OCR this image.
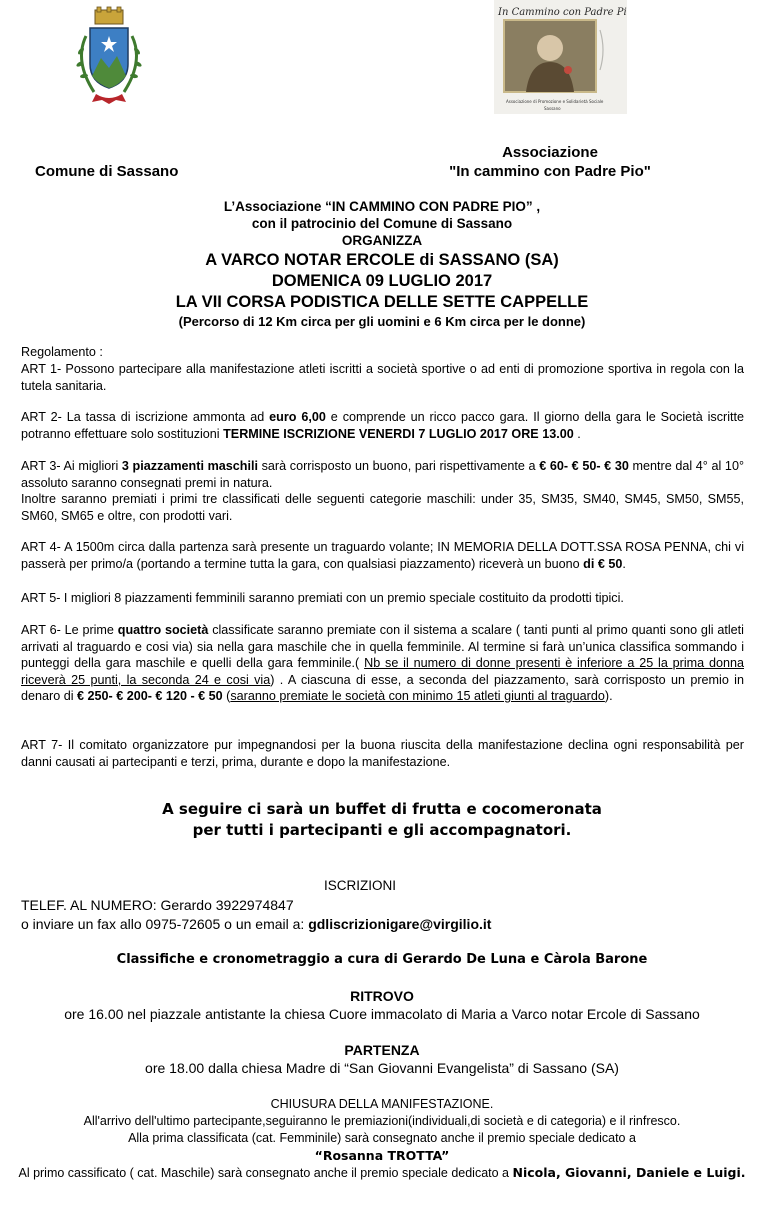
In Cammino con Padre Pio
Associazione di Promozione e Solidarietà Sociale
Sassano
Comune di Sassano
Associazione
"In cammino con Padre Pio"
L’Associazione “IN CAMMINO CON PADRE PIO” ,
con il patrocinio del Comune di Sassano
ORGANIZZA
A VARCO NOTAR ERCOLE di SASSANO (SA)
DOMENICA 09 LUGLIO 2017
LA VII CORSA PODISTICA DELLE SETTE CAPPELLE
(Percorso di 12 Km circa per gli uomini e 6 Km circa per le donne)
Regolamento :
ART 1- Possono partecipare alla manifestazione atleti iscritti a società sportive o ad enti di promozione sportiva in regola con la tutela sanitaria.
ART 2- La tassa di iscrizione ammonta ad euro 6,00 e comprende un ricco pacco gara. Il giorno della gara le Società iscritte potranno effettuare solo sostituzioni TERMINE ISCRIZIONE VENERDI 7 LUGLIO 2017 ORE 13.00 .
ART 3- Ai migliori 3 piazzamenti maschili sarà corrisposto un buono, pari rispettivamente a € 60- € 50- € 30 mentre dal 4° al 10° assoluto saranno consegnati premi in natura.
Inoltre saranno premiati i primi tre classificati delle seguenti categorie maschili: under 35, SM35, SM40, SM45, SM50, SM55, SM60, SM65 e oltre, con prodotti vari.
ART 4- A 1500m circa dalla partenza sarà presente un traguardo volante; IN MEMORIA DELLA DOTT.SSA ROSA PENNA, chi vi passerà per primo/a (portando a termine tutta la gara, con qualsiasi piazzamento) riceverà un buono di € 50.
ART 5- I migliori 8 piazzamenti femminili saranno premiati con un premio speciale costituito da prodotti tipici.
ART 6- Le prime quattro società classificate saranno premiate con il sistema a scalare ( tanti punti al primo quanti sono gli atleti arrivati al traguardo e cosi via) sia nella gara maschile che in quella femminile. Al termine si farà un’unica classifica sommando i punteggi della gara maschile e quelli della gara femminile.( Nb se il numero di donne presenti è inferiore a 25 la prima donna riceverà 25 punti, la seconda 24 e cosi via) . A ciascuna di esse, a seconda del piazzamento, sarà corrisposto un premio in denaro di € 250- € 200- € 120 - € 50 (saranno premiate le società con minimo 15 atleti giunti al traguardo).
ART 7- Il comitato organizzatore pur impegnandosi per la buona riuscita della manifestazione declina ogni responsabilità per danni causati ai partecipanti e terzi, prima, durante e dopo la manifestazione.
A seguire ci sarà un buffet di frutta e cocomeronata
per tutti i partecipanti e gli accompagnatori.
ISCRIZIONI
TELEF. AL NUMERO: Gerardo 3922974847
o inviare un fax allo 0975-72605 o un email a: gdliscrizionigare@virgilio.it
Classifiche e cronometraggio a cura di Gerardo De Luna e Càrola Barone
RITROVO
ore 16.00 nel piazzale antistante la chiesa Cuore immacolato di Maria a Varco notar Ercole di Sassano
PARTENZA
ore 18.00 dalla chiesa Madre di “San Giovanni Evangelista” di Sassano (SA)
CHIUSURA DELLA MANIFESTAZIONE.
All'arrivo dell'ultimo partecipante,seguiranno le premiazioni(individuali,di società e di categoria) e il rinfresco.
Alla prima classificata (cat. Femminile) sarà consegnato anche il premio speciale dedicato a
“Rosanna TROTTA”
Al primo cassificato ( cat. Maschile) sarà consegnato anche il premio speciale dedicato a Nicola, Giovanni, Daniele e Luigi.
